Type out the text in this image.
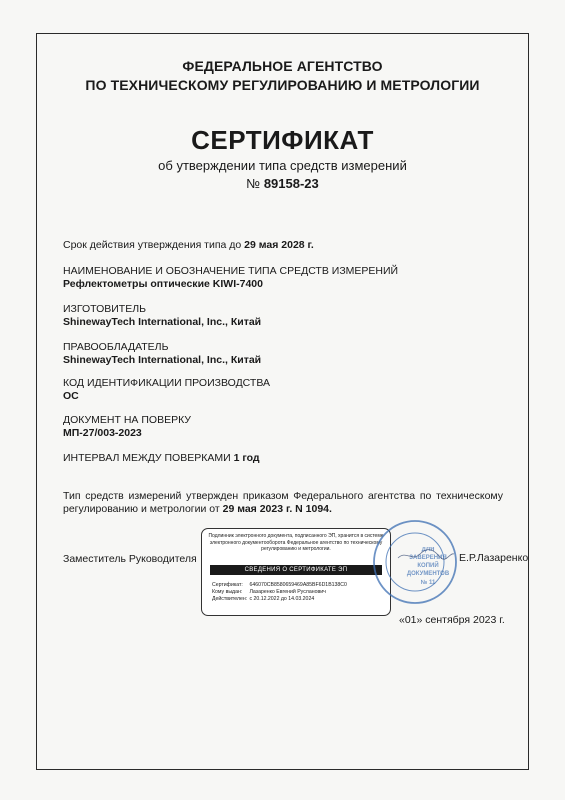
ФЕДЕРАЛЬНОЕ АГЕНТСТВО
ПО ТЕХНИЧЕСКОМУ РЕГУЛИРОВАНИЮ И МЕТРОЛОГИИ
СЕРТИФИКАТ
об утверждении типа средств измерений
№ 89158-23
Срок действия утверждения типа до 29 мая 2028 г.
НАИМЕНОВАНИЕ И ОБОЗНАЧЕНИЕ ТИПА СРЕДСТВ ИЗМЕРЕНИЙ
Рефлектометры оптические KIWI-7400
ИЗГОТОВИТЕЛЬ
ShinewayTech International, Inc., Китай
ПРАВООБЛАДАТЕЛЬ
ShinewayTech International, Inc., Китай
КОД ИДЕНТИФИКАЦИИ ПРОИЗВОДСТВА
ОС
ДОКУМЕНТ НА ПОВЕРКУ
МП-27/003-2023
ИНТЕРВАЛ МЕЖДУ ПОВЕРКАМИ 1 год
Тип средств измерений утвержден приказом Федерального агентства по техническому регулированию и метрологии от 29 мая 2023 г. N 1094.
Заместитель Руководителя
Подлинник электронного документа, подписанного ЭП, хранится в системе электронного документооборота Федеральное агентство по техническому регулированию и метрологии.
СВЕДЕНИЯ О СЕРТИФИКАТЕ ЭП
Сертификат: 646070CB8580659469A85BF6D1B138C0
Кому выдан: Лазаренко Евгений Русланович
Действителен: с 20.12.2022 до 14.03.2024
ДЛЯ
ЗАВЕРЕНИЯ
КОПИЙ
ДОКУМЕНТОВ
№ 11
Е.Р.Лазаренко
«01» сентября 2023 г.
